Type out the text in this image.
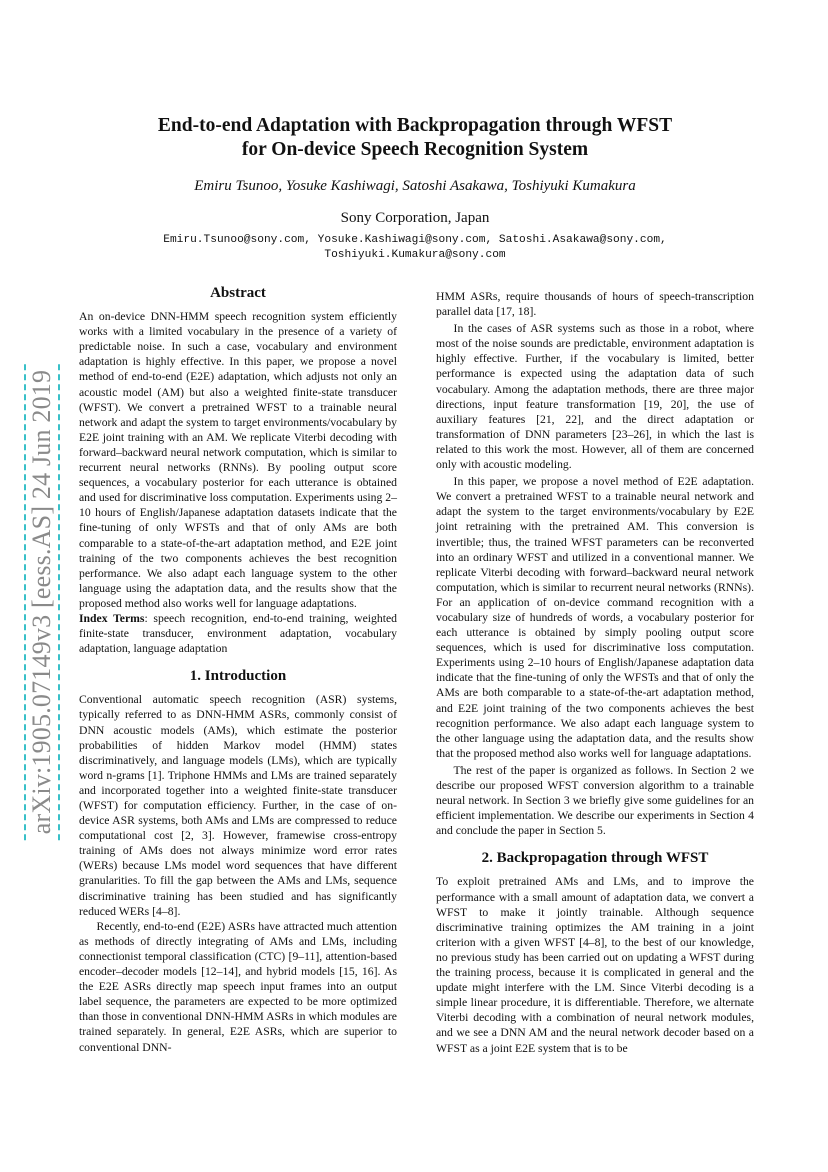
arXiv:1905.07149v3 [eess.AS] 24 Jun 2019
End-to-end Adaptation with Backpropagation through WFST
for On-device Speech Recognition System
Emiru Tsunoo, Yosuke Kashiwagi, Satoshi Asakawa, Toshiyuki Kumakura
Sony Corporation, Japan
Emiru.Tsunoo@sony.com, Yosuke.Kashiwagi@sony.com, Satoshi.Asakawa@sony.com,
Toshiyuki.Kumakura@sony.com
Abstract

An on-device DNN-HMM speech recognition system efficiently works with a limited vocabulary in the presence of a variety of predictable noise. In such a case, vocabulary and environment adaptation is highly effective. In this paper, we propose a novel method of end-to-end (E2E) adaptation, which adjusts not only an acoustic model (AM) but also a weighted finite-state transducer (WFST). We convert a pretrained WFST to a trainable neural network and adapt the system to target environments/vocabulary by E2E joint training with an AM. We replicate Viterbi decoding with forward–backward neural network computation, which is similar to recurrent neural networks (RNNs). By pooling output score sequences, a vocabulary posterior for each utterance is obtained and used for discriminative loss computation. Experiments using 2–10 hours of English/Japanese adaptation datasets indicate that the fine-tuning of only WFSTs and that of only AMs are both comparable to a state-of-the-art adaptation method, and E2E joint training of the two components achieves the best recognition performance. We also adapt each language system to the other language using the adaptation data, and the results show that the proposed method also works well for language adaptations.

Index Terms: speech recognition, end-to-end training, weighted finite-state transducer, environment adaptation, vocabulary adaptation, language adaptation

1. Introduction

Conventional automatic speech recognition (ASR) systems, typically referred to as DNN-HMM ASRs, commonly consist of DNN acoustic models (AMs), which estimate the posterior probabilities of hidden Markov model (HMM) states discriminatively, and language models (LMs), which are typically word n-grams [1]. Triphone HMMs and LMs are trained separately and incorporated together into a weighted finite-state transducer (WFST) for computation efficiency. Further, in the case of on-device ASR systems, both AMs and LMs are compressed to reduce computational cost [2, 3]. However, framewise cross-entropy training of AMs does not always minimize word error rates (WERs) because LMs model word sequences that have different granularities. To fill the gap between the AMs and LMs, sequence discriminative training has been studied and has significantly reduced WERs [4–8].

Recently, end-to-end (E2E) ASRs have attracted much attention as methods of directly integrating of AMs and LMs, including connectionist temporal classification (CTC) [9–11], attention-based encoder–decoder models [12–14], and hybrid models [15, 16]. As the E2E ASRs directly map speech input frames into an output label sequence, the parameters are expected to be more optimized than those in conventional DNN-HMM ASRs in which modules are trained separately. In general, E2E ASRs, which are superior to conventional DNN-

HMM ASRs, require thousands of hours of speech-transcription parallel data [17, 18].

In the cases of ASR systems such as those in a robot, where most of the noise sounds are predictable, environment adaptation is highly effective. Further, if the vocabulary is limited, better performance is expected using the adaptation data of such vocabulary. Among the adaptation methods, there are three major directions, input feature transformation [19, 20], the use of auxiliary features [21, 22], and the direct adaptation or transformation of DNN parameters [23–26], in which the last is related to this work the most. However, all of them are concerned only with acoustic modeling.

In this paper, we propose a novel method of E2E adaptation. We convert a pretrained WFST to a trainable neural network and adapt the system to the target environments/vocabulary by E2E joint retraining with the pretrained AM. This conversion is invertible; thus, the trained WFST parameters can be reconverted into an ordinary WFST and utilized in a conventional manner. We replicate Viterbi decoding with forward–backward neural network computation, which is similar to recurrent neural networks (RNNs). For an application of on-device command recognition with a vocabulary size of hundreds of words, a vocabulary posterior for each utterance is obtained by simply pooling output score sequences, which is used for discriminative loss computation. Experiments using 2–10 hours of English/Japanese adaptation data indicate that the fine-tuning of only the WFSTs and that of only the AMs are both comparable to a state-of-the-art adaptation method, and E2E joint training of the two components achieves the best recognition performance. We also adapt each language system to the other language using the adaptation data, and the results show that the proposed method also works well for language adaptations.

The rest of the paper is organized as follows. In Section 2 we describe our proposed WFST conversion algorithm to a trainable neural network. In Section 3 we briefly give some guidelines for an efficient implementation. We describe our experiments in Section 4 and conclude the paper in Section 5.

2. Backpropagation through WFST

To exploit pretrained AMs and LMs, and to improve the performance with a small amount of adaptation data, we convert a WFST to make it jointly trainable. Although sequence discriminative training optimizes the AM training in a joint criterion with a given WFST [4–8], to the best of our knowledge, no previous study has been carried out on updating a WFST during the training process, because it is complicated in general and the update might interfere with the LM. Since Viterbi decoding is a simple linear procedure, it is differentiable. Therefore, we alternate Viterbi decoding with a combination of neural network modules, and we see a DNN AM and the neural network decoder based on a WFST as a joint E2E system that is to be
